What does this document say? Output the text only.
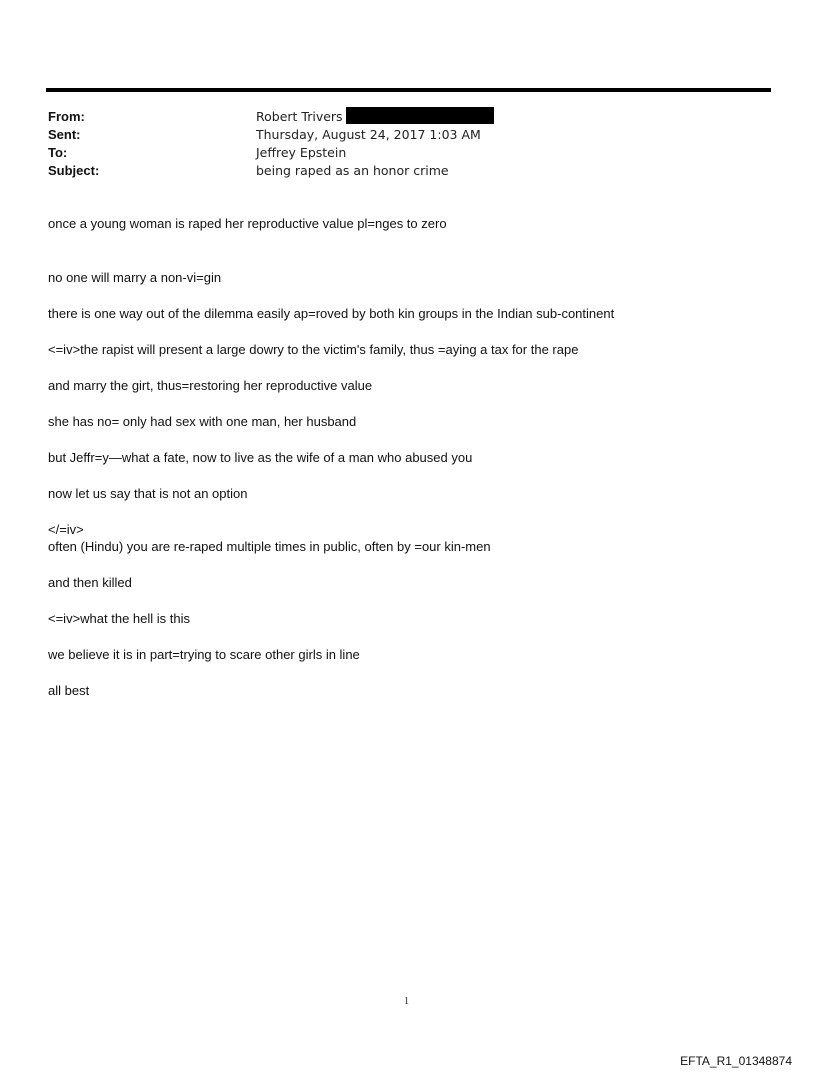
From:	Robert Trivers
Sent:	Thursday, August 24, 2017 1:03 AM
To:	Jeffrey Epstein
Subject:	being raped as an honor crime
once a young woman is raped her reproductive value pl=nges to zero
no one will marry a non-vi=gin
there is one way out of the dilemma easily ap=roved by both kin groups in the Indian sub-continent
<=iv>the rapist will present a large dowry to the victim's family, thus =aying a tax for the rape
and marry the girt, thus=restoring her reproductive value
she has no= only had sex with one man, her husband
but Jeffr=y—what a fate, now to live as the wife of a man who abused you
now let us say that is not an option
</=iv>
often (Hindu) you are re-raped multiple times in public, often by =our kin-men
and then killed
<=iv>what the hell is this
we believe it is in part=trying to scare other girls in line
all best
1
EFTA_R1_01348874
